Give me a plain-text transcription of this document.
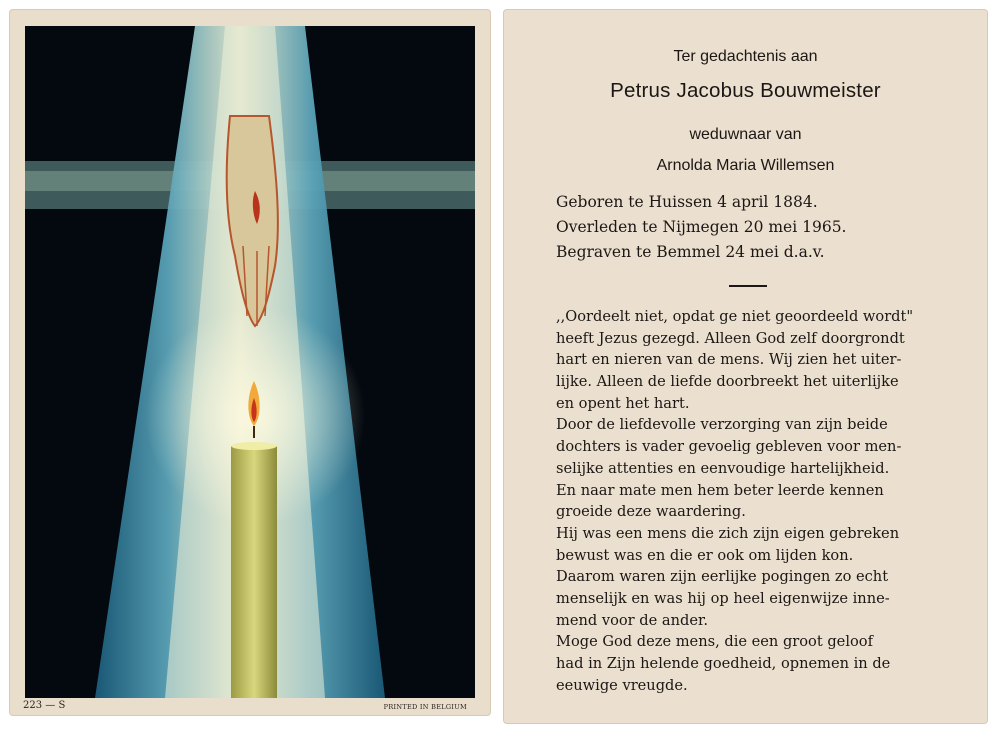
223 — S	PRINTED IN BELGIUM
Ter gedachtenis aan
Petrus Jacobus Bouwmeister
weduwnaar van
Arnolda Maria Willemsen
Geboren te Huissen 4 april 1884.
Overleden te Nijmegen 20 mei 1965.
Begraven te Bemmel 24 mei d.a.v.
,,Oordeelt niet, opdat ge niet geoordeeld wordt"
heeft Jezus gezegd. Alleen God zelf doorgrondt
hart en nieren van de mens. Wij zien het uiter-
lijke. Alleen de liefde doorbreekt het uiterlijke
en opent het hart.
Door de liefdevolle verzorging van zijn beide
dochters is vader gevoelig gebleven voor men-
selijke attenties en eenvoudige hartelijkheid.
En naar mate men hem beter leerde kennen
groeide deze waardering.
Hij was een mens die zich zijn eigen gebreken
bewust was en die er ook om lijden kon.
Daarom waren zijn eerlijke pogingen zo echt
menselijk en was hij op heel eigenwijze inne-
mend voor de ander.
Moge God deze mens, die een groot geloof
had in Zijn helende goedheid, opnemen in de
eeuwige vreugde.
